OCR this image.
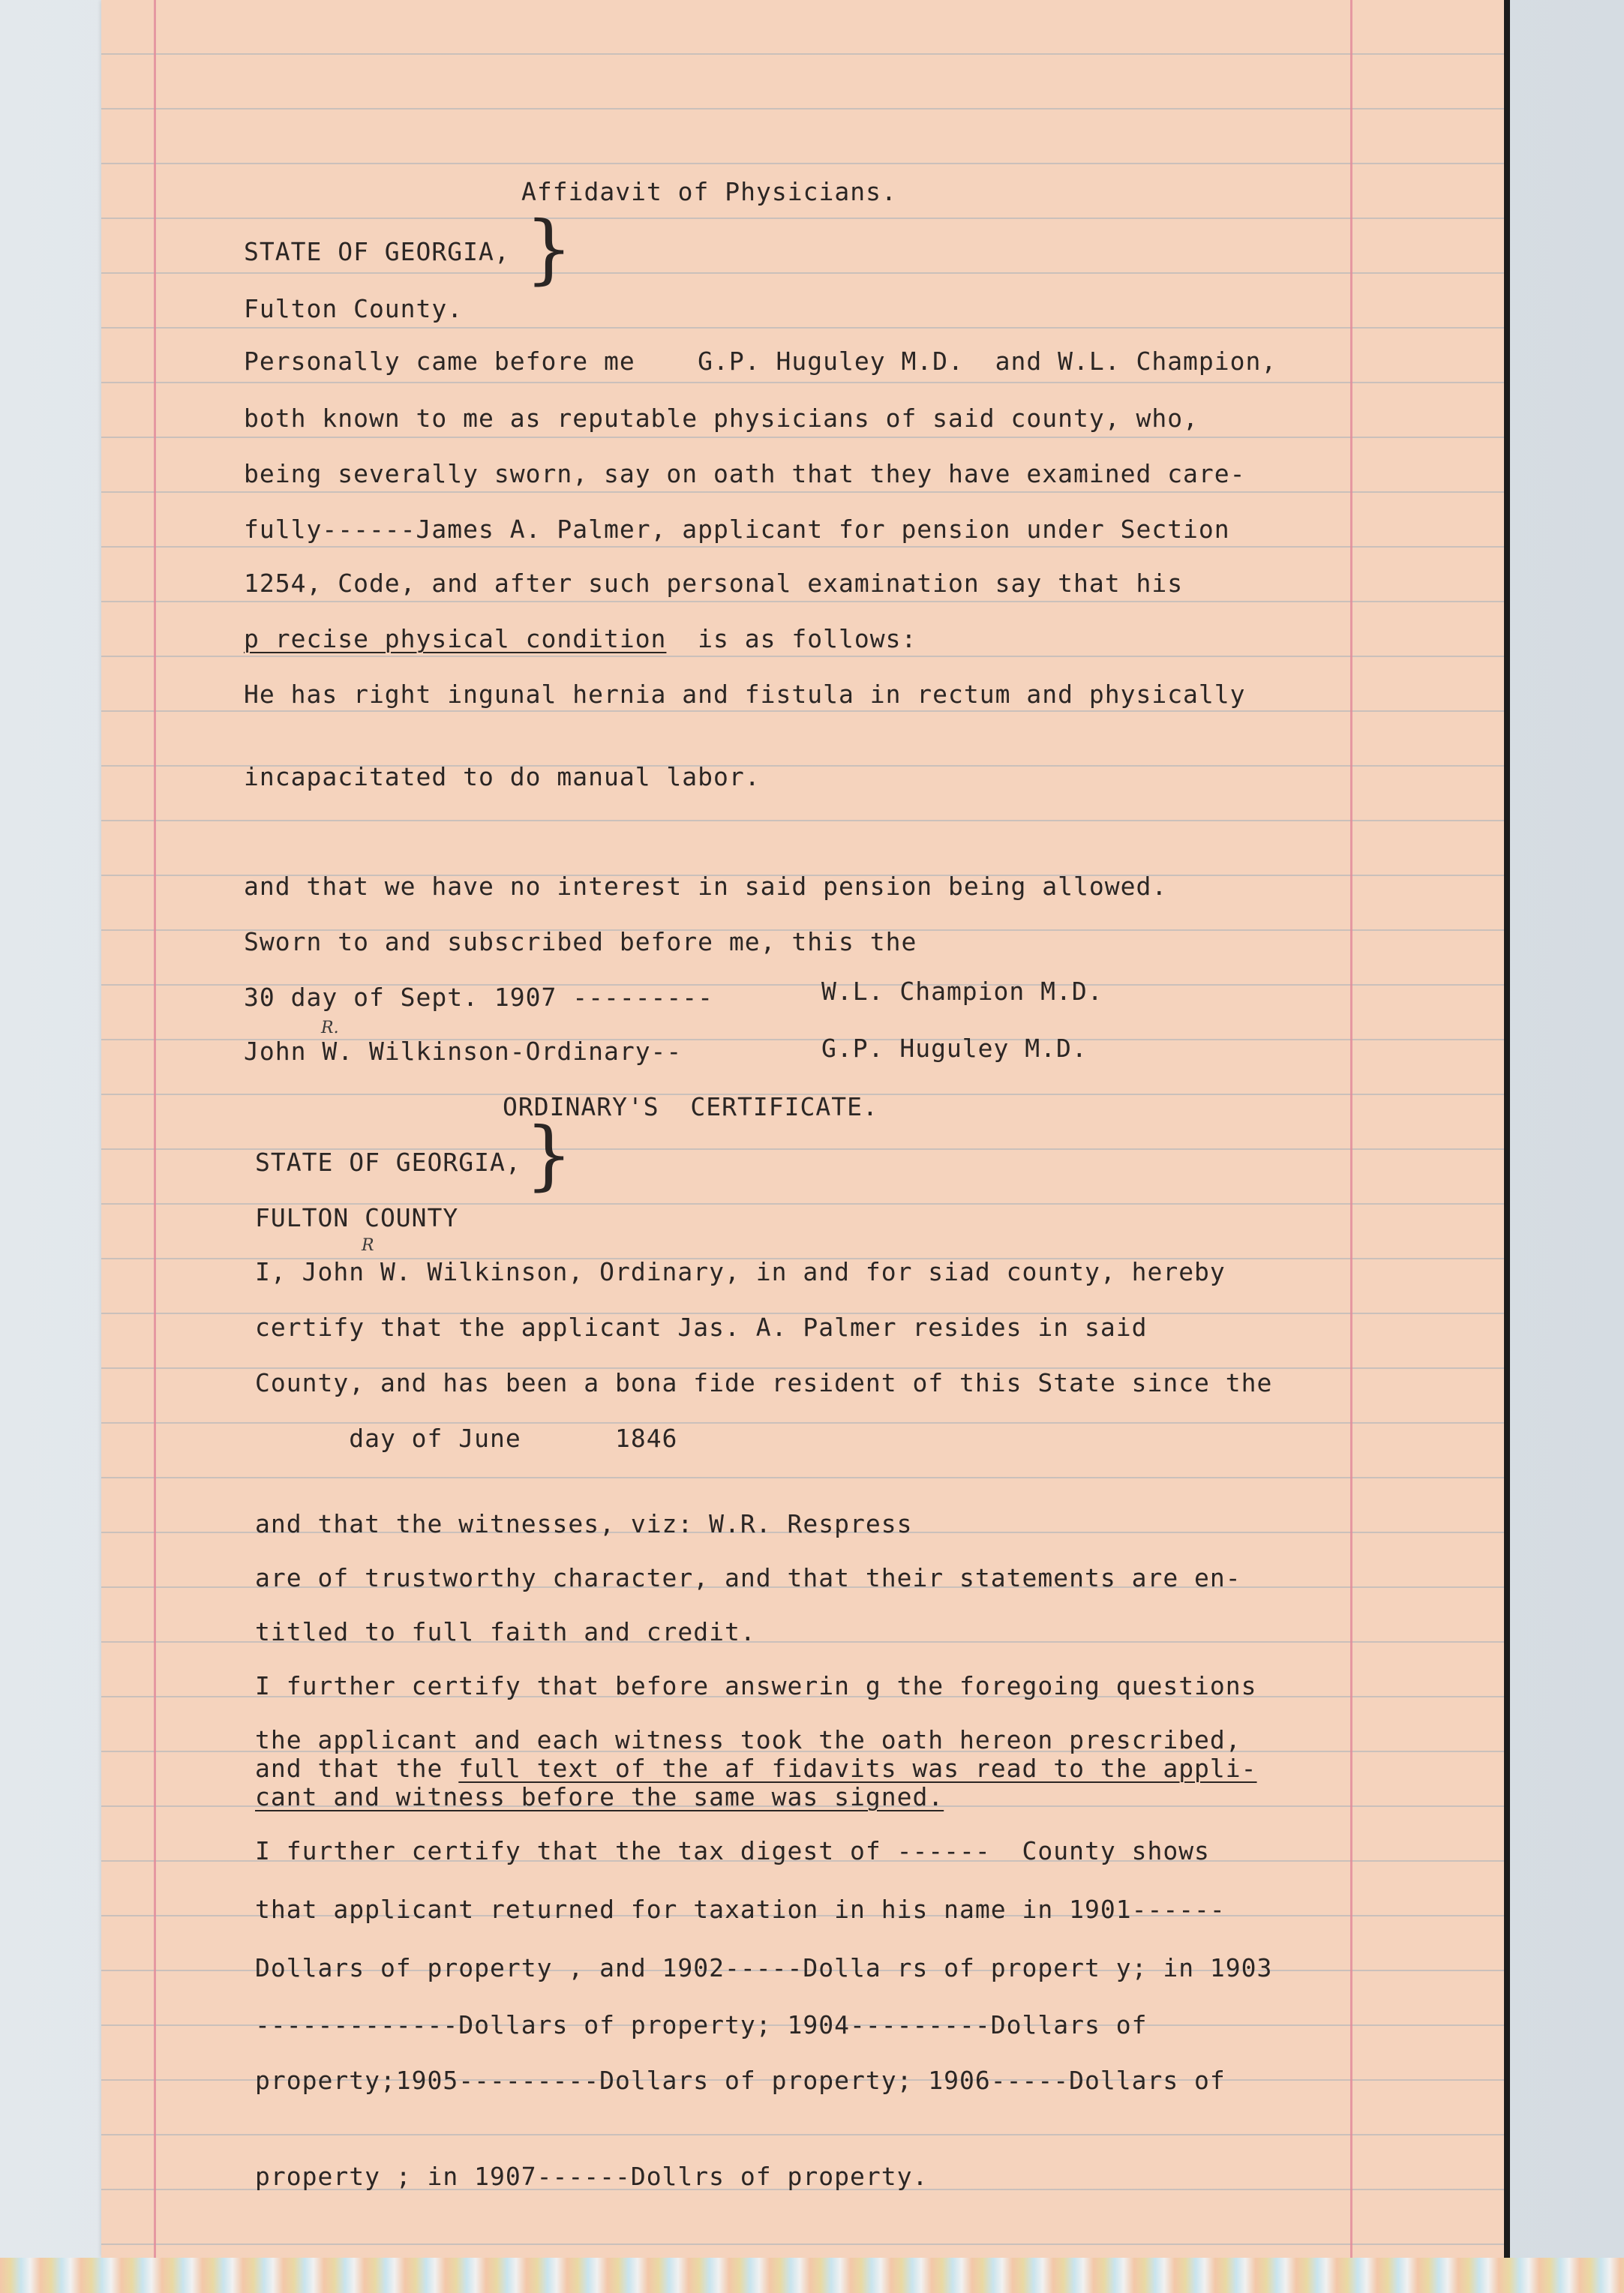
Affidavit of Physicians.
STATE OF GEORGIA,
Fulton County.
}
Personally came before me    G.P. Huguley M.D.  and W.L. Champion,
both known to me as reputable physicians of said county, who,
being severally sworn, say on oath that they have examined care-
fully------James A. Palmer, applicant for pension under Section
1254, Code, and after such personal examination say that his
p recise physical condition  is as follows:
He has right ingunal hernia and fistula in rectum and physically
incapacitated to do manual labor.
and that we have no interest in said pension being allowed.
Sworn to and subscribed before me, this the
30 day of Sept. 1907 ---------	W.L. Champion M.D.
John W. Wilkinson-Ordinary--
R.
G.P. Huguley M.D.
ORDINARY'S  CERTIFICATE.
STATE OF GEORGIA,
FULTON COUNTY
}
R
I, John W. Wilkinson, Ordinary, in and for siad county, hereby
certify that the applicant Jas. A. Palmer resides in said
County, and has been a bona fide resident of this State since the
day of June      1846
and that the witnesses, viz: W.R. Respress
are of trustworthy character, and that their statements are en-
titled to full faith and credit.
I further certify that before answerin g the foregoing questions
the applicant and each witness took the oath hereon prescribed,
and that the full text of the af fidavits was read to the appli-
cant and witness before the same was signed.
I further certify that the tax digest of ------  County shows
that applicant returned for taxation in his name in 1901------
Dollars of property , and 1902-----Dolla rs of propert y; in 1903
-------------Dollars of property; 1904---------Dollars of
property;1905---------Dollars of property; 1906-----Dollars of
property ; in 1907------Dollrs of property.
